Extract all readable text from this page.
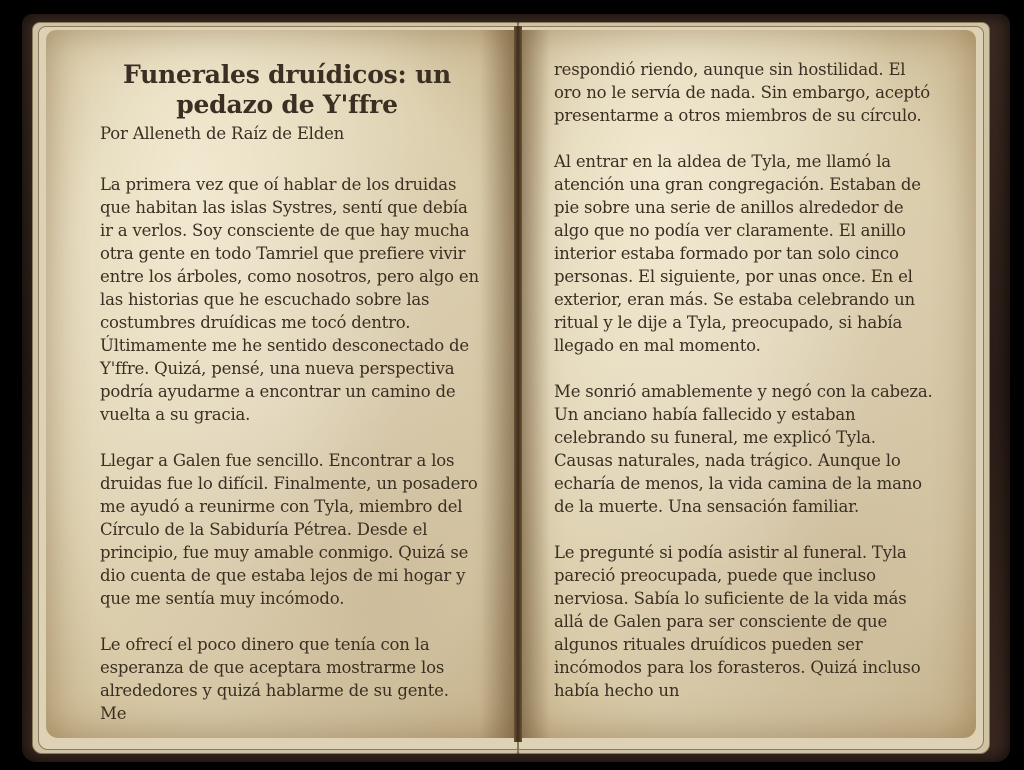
Funerales druídicos: un pedazo de Y'ffre

Por Alleneth de Raíz de Elden

La primera vez que oí hablar de los druidas que habitan las islas Systres, sentí que debía ir a verlos. Soy consciente de que hay mucha otra gente en todo Tamriel que prefiere vivir entre los árboles, como nosotros, pero algo en las historias que he escuchado sobre las costumbres druídicas me tocó dentro. Últimamente me he sentido desconectado de Y'ffre. Quizá, pensé, una nueva perspectiva podría ayudarme a encontrar un camino de vuelta a su gracia.

Llegar a Galen fue sencillo. Encontrar a los druidas fue lo difícil. Finalmente, un posadero me ayudó a reunirme con Tyla, miembro del Círculo de la Sabiduría Pétrea. Desde el principio, fue muy amable conmigo. Quizá se dio cuenta de que estaba lejos de mi hogar y que me sentía muy incómodo.

Le ofrecí el poco dinero que tenía con la esperanza de que aceptara mostrarme los alrededores y quizá hablarme de su gente. Me

respondió riendo, aunque sin hostilidad. El oro no le servía de nada. Sin embargo, aceptó presentarme a otros miembros de su círculo.

Al entrar en la aldea de Tyla, me llamó la atención una gran congregación. Estaban de pie sobre una serie de anillos alrededor de algo que no podía ver claramente. El anillo interior estaba formado por tan solo cinco personas. El siguiente, por unas once. En el exterior, eran más. Se estaba celebrando un ritual y le dije a Tyla, preocupado, si había llegado en mal momento.

Me sonrió amablemente y negó con la cabeza. Un anciano había fallecido y estaban celebrando su funeral, me explicó Tyla. Causas naturales, nada trágico. Aunque lo echaría de menos, la vida camina de la mano de la muerte. Una sensación familiar.

Le pregunté si podía asistir al funeral. Tyla pareció preocupada, puede que incluso nerviosa. Sabía lo suficiente de la vida más allá de Galen para ser consciente de que algunos rituales druídicos pueden ser incómodos para los forasteros. Quizá incluso había hecho un
